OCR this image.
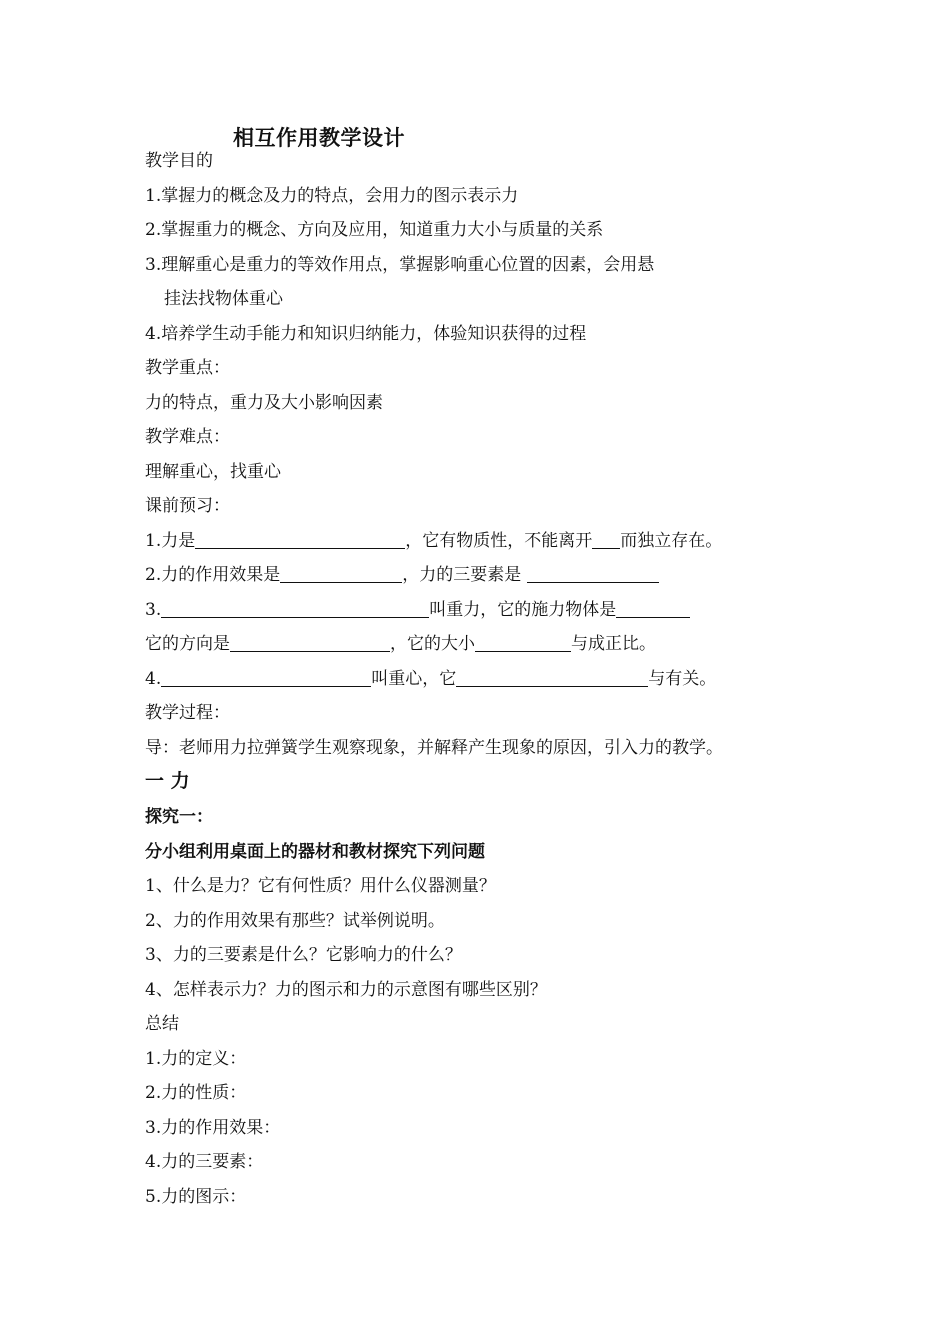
相互作用教学设计
教学目的
1.掌握力的概念及力的特点，会用力的图示表示力
2.掌握重力的概念、方向及应用，知道重力大小与质量的关系
3.理解重心是重力的等效作用点，掌握影响重心位置的因素，会用悬
挂法找物体重心
4.培养学生动手能力和知识归纳能力，体验知识获得的过程
教学重点：
力的特点，重力及大小影响因素
教学难点：
理解重心，找重心
课前预习：
1.力是	，它有物质性，不能离开 而独立存在。
2.力的作用效果是	，力的三要素是
3.	叫重力，它的施力物体是
它的方向是	，它的大小	与成正比。
4.	叫重心，它	与有关。
教学过程：
导：老师用力拉弹簧学生观察现象，并解释产生现象的原因，引入力的教学。
一 力
探究一：
分小组利用桌面上的器材和教材探究下列问题
1、什么是力？它有何性质？用什么仪器测量？
2、力的作用效果有那些？试举例说明。
3、力的三要素是什么？它影响力的什么？
4、怎样表示力？力的图示和力的示意图有哪些区别？
总结
1.力的定义：
2.力的性质：
3.力的作用效果：
4.力的三要素：
5.力的图示：
